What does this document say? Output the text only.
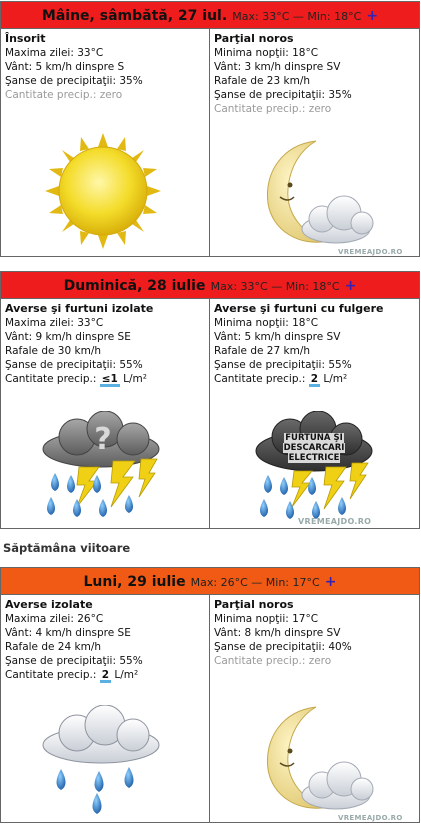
Mâine, sâmbătă, 27 iul. Max: 33°C — Min: 18°C +
Însorit
Maxima zilei: 33°C
Vânt: 5 km/h dinspre S
Şanse de precipitaţii: 35%
Cantitate precip.: zero
Parţial noros
Minima nopţii: 18°C
Vânt: 3 km/h dinspre SV
Rafale de 23 km/h
Şanse de precipitaţii: 35%
Cantitate precip.: zero
VREMEAJDO.RO
Duminică, 28 iulie Max: 33°C — Min: 18°C +
Averse şi furtuni izolate
Maxima zilei: 33°C
Vânt: 9 km/h dinspre SE
Rafale de 30 km/h
Şanse de precipitaţii: 55%
Cantitate precip.: ≤1 L/m²
?
Averse şi furtuni cu fulgere
Minima nopţii: 18°C
Vânt: 5 km/h dinspre SV
Rafale de 27 km/h
Şanse de precipitaţii: 55%
Cantitate precip.: 2 L/m²
FURTUNA ŞI
DESCARCARI
ELECTRICE
VREMEAJDO.RO
Săptămâna viitoare
Luni, 29 iulie Max: 26°C — Min: 17°C +
Averse izolate
Maxima zilei: 26°C
Vânt: 4 km/h dinspre SE
Rafale de 24 km/h
Şanse de precipitaţii: 55%
Cantitate precip.: 2 L/m²
Parţial noros
Minima nopţii: 17°C
Vânt: 8 km/h dinspre SV
Şanse de precipitaţii: 40%
Cantitate precip.: zero
VREMEAJDO.RO
